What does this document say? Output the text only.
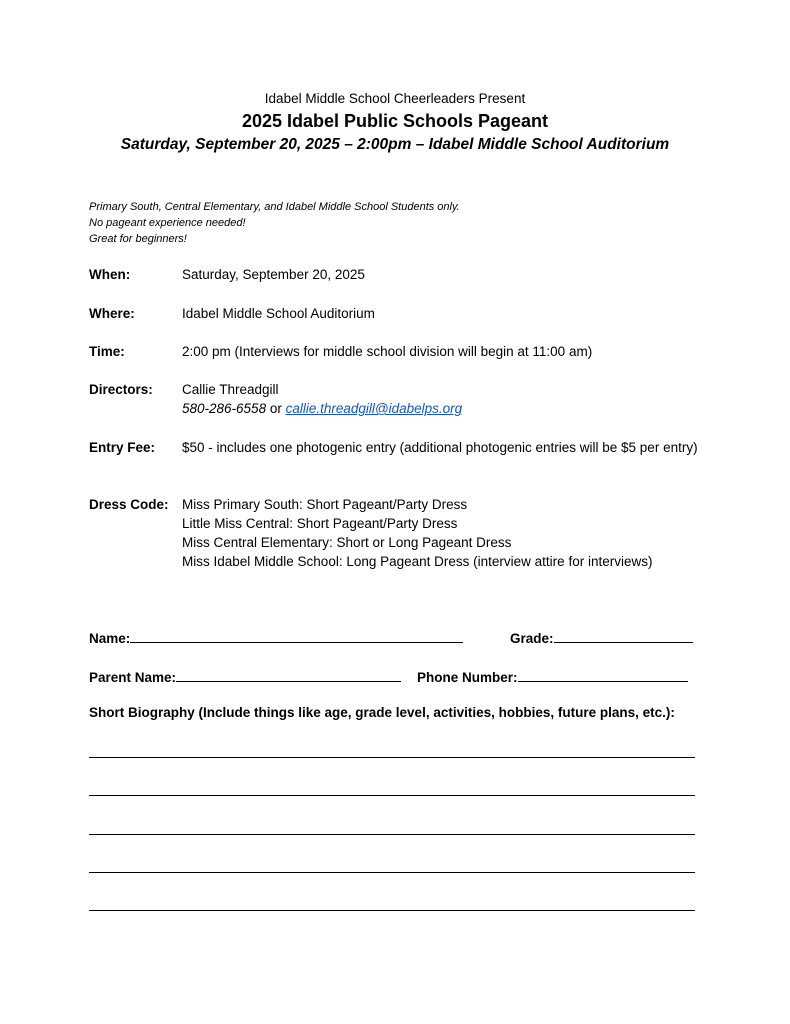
Idabel Middle School Cheerleaders Present
2025 Idabel Public Schools Pageant
Saturday, September 20, 2025 – 2:00pm – Idabel Middle School Auditorium
Primary South, Central Elementary, and Idabel Middle School Students only.
No pageant experience needed!
Great for beginners!
When:	Saturday, September 20, 2025
Where:	Idabel Middle School Auditorium
Time:	2:00 pm (Interviews for middle school division will begin at 11:00 am)
Directors: Callie Threadgill
580-286-6558 or callie.threadgill@idabelps.org
Entry Fee: $50 - includes one photogenic entry (additional photogenic entries will be $5 per entry)
Dress Code: Miss Primary South: Short Pageant/Party Dress
Little Miss Central: Short Pageant/Party Dress
Miss Central Elementary: Short or Long Pageant Dress
Miss Idabel Middle School: Long Pageant Dress (interview attire for interviews)
Name:	Grade:
Parent Name:	Phone Number:
Short Biography (Include things like age, grade level, activities, hobbies, future plans, etc.):
